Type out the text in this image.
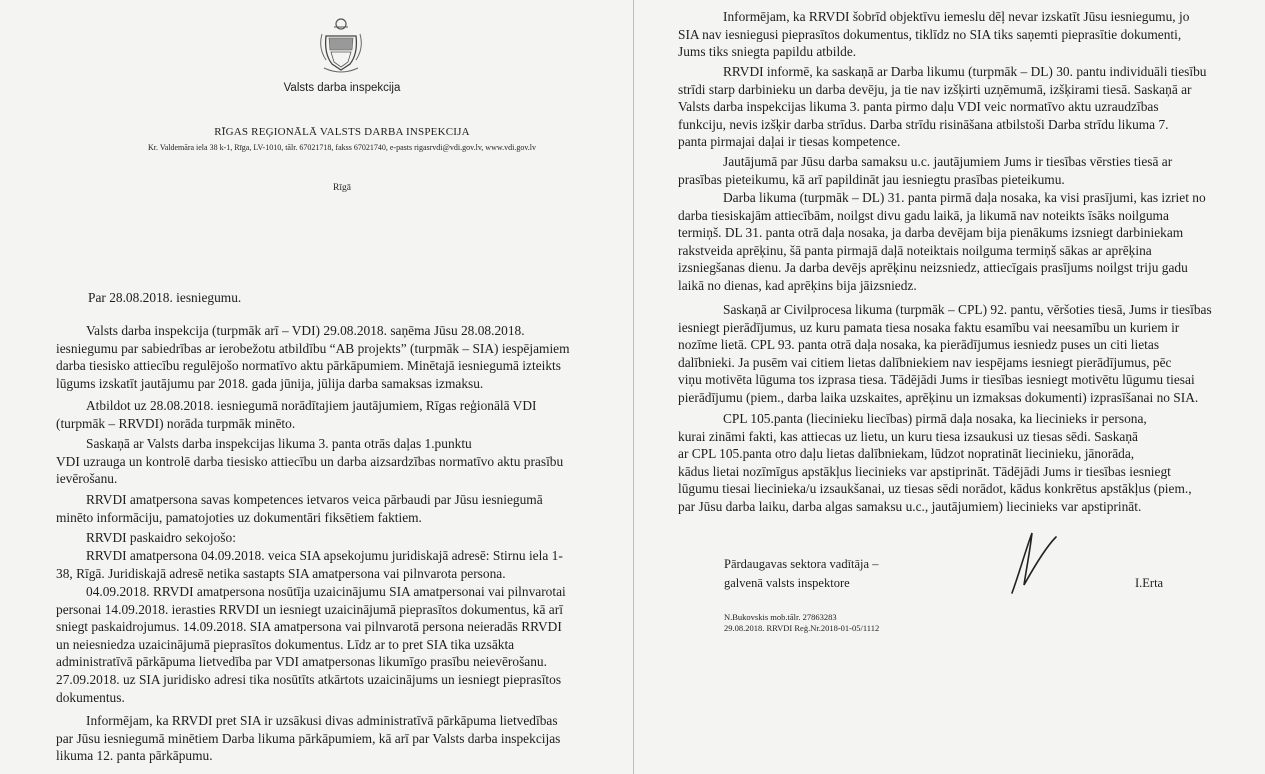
Valsts darba inspekcija
RĪGAS REĢIONĀLĀ VALSTS DARBA INSPEKCIJA
Kr. Valdemāra iela 38 k-1, Rīga, LV-1010, tālr. 67021718, fakss 67021740, e-pasts rigasrvdi@vdi.gov.lv, www.vdi.gov.lv
Rīgā
Par 28.08.2018. iesniegumu.
Valsts darba inspekcija (turpmāk arī – VDI) 29.08.2018. saņēma Jūsu 28.08.2018.
iesniegumu par sabiedrības ar ierobežotu atbildību “AB projekts” (turpmāk – SIA) iespējamiem
darba tiesisko attiecību regulējošo normatīvo aktu pārkāpumiem. Minētajā iesniegumā izteikts
lūgums izskatīt jautājumu par 2018. gada jūnija, jūlija darba samaksas izmaksu.
Atbildot uz 28.08.2018. iesniegumā norādītajiem jautājumiem, Rīgas reģionālā VDI
(turpmāk – RRVDI) norāda turpmāk minēto.
Saskaņā ar Valsts darba inspekcijas likuma 3. panta otrās daļas 1.punktu
VDI uzrauga un kontrolē darba tiesisko attiecību un darba aizsardzības normatīvo aktu prasību
ievērošanu.
RRVDI amatpersona savas kompetences ietvaros veica pārbaudi par Jūsu iesniegumā
minēto informāciju, pamatojoties uz dokumentāri fiksētiem faktiem.
RRVDI paskaidro sekojošo:
RRVDI amatpersona 04.09.2018. veica SIA apsekojumu juridiskajā adresē: Stirnu iela 1-
38, Rīgā. Juridiskajā adresē netika sastapts SIA amatpersona vai pilnvarota persona.
04.09.2018. RRVDI amatpersona nosūtīja uzaicinājumu SIA amatpersonai vai pilnvarotai
personai 14.09.2018. ierasties RRVDI un iesniegt uzaicinājumā pieprasītos dokumentus, kā arī
sniegt paskaidrojumus. 14.09.2018. SIA amatpersona vai pilnvarotā persona neieradās RRVDI
un neiesniedza uzaicinājumā pieprasītos dokumentus. Līdz ar to pret SIA tika uzsākta
administratīvā pārkāpuma lietvedība par VDI amatpersonas likumīgo prasību neievērošanu.
27.09.2018. uz SIA juridisko adresi tika nosūtīts atkārtots uzaicinājums un iesniegt pieprasītos
dokumentus.
Informējam, ka RRVDI pret SIA ir uzsākusi divas administratīvā pārkāpuma lietvedības
par Jūsu iesniegumā minētiem Darba likuma pārkāpumiem, kā arī par Valsts darba inspekcijas
likuma 12. panta pārkāpumu.
Informējam, ka RRVDI šobrīd objektīvu iemeslu dēļ nevar izskatīt Jūsu iesniegumu, jo
SIA nav iesniegusi pieprasītos dokumentus, tiklīdz no SIA tiks saņemti pieprasītie dokumenti,
Jums tiks sniegta papildu atbilde.
RRVDI informē, ka saskaņā ar Darba likumu (turpmāk – DL) 30. pantu individuāli tiesību
strīdi starp darbinieku un darba devēju, ja tie nav izšķirti uzņēmumā, izšķirami tiesā. Saskaņā ar
Valsts darba inspekcijas likuma 3. panta pirmo daļu VDI veic normatīvo aktu uzraudzības
funkciju, nevis izšķir darba strīdus. Darba strīdu risināšana atbilstoši Darba strīdu likuma 7.
panta pirmajai daļai ir tiesas kompetence.
Jautājumā par Jūsu darba samaksu u.c. jautājumiem Jums ir tiesības vērsties tiesā ar
prasības pieteikumu, kā arī papildināt jau iesniegtu prasības pieteikumu.
Darba likuma (turpmāk – DL) 31. panta pirmā daļa nosaka, ka visi prasījumi, kas izriet no
darba tiesiskajām attiecībām, noilgst divu gadu laikā, ja likumā nav noteikts īsāks noilguma
termiņš. DL 31. panta otrā daļa nosaka, ja darba devējam bija pienākums izsniegt darbiniekam
rakstveida aprēķinu, šā panta pirmajā daļā noteiktais noilguma termiņš sākas ar aprēķina
izsniegšanas dienu. Ja darba devējs aprēķinu neizsniedz, attiecīgais prasījums noilgst triju gadu
laikā no dienas, kad aprēķins bija jāizsniedz.
Saskaņā ar Civilprocesa likuma (turpmāk – CPL) 92. pantu, vēršoties tiesā, Jums ir tiesības
iesniegt pierādījumus, uz kuru pamata tiesa nosaka faktu esamību vai neesamību un kuriem ir
nozīme lietā. CPL 93. panta otrā daļa nosaka, ka pierādījumus iesniedz puses un citi lietas
dalībnieki. Ja pusēm vai citiem lietas dalībniekiem nav iespējams iesniegt pierādījumus, pēc
viņu motivēta lūguma tos izprasa tiesa. Tādējādi Jums ir tiesības iesniegt motivētu lūgumu tiesai
pierādījumu (piem., darba laika uzskaites, aprēķinu un izmaksas dokumenti) izprasīšanai no SIA.
CPL 105.panta (liecinieku liecības) pirmā daļa nosaka, ka liecinieks ir persona,
kurai zināmi fakti, kas attiecas uz lietu, un kuru tiesa izsaukusi uz tiesas sēdi. Saskaņā
ar CPL 105.panta otro daļu lietas dalībniekam, lūdzot nopratināt liecinieku, jānorāda,
kādus lietai nozīmīgus apstākļus liecinieks var apstiprināt. Tādējādi Jums ir tiesības iesniegt
lūgumu tiesai liecinieka/u izsaukšanai, uz tiesas sēdi norādot, kādus konkrētus apstākļus (piem.,
par Jūsu darba laiku, darba algas samaksu u.c., jautājumiem) liecinieks var apstiprināt.
Pārdaugavas sektora vadītāja –
galvenā valsts inspektore	I.Erta
N.Bukovskis mob.tālr. 27863283
29.08.2018. RRVDI Reģ.Nr.2018-01-05/1112
